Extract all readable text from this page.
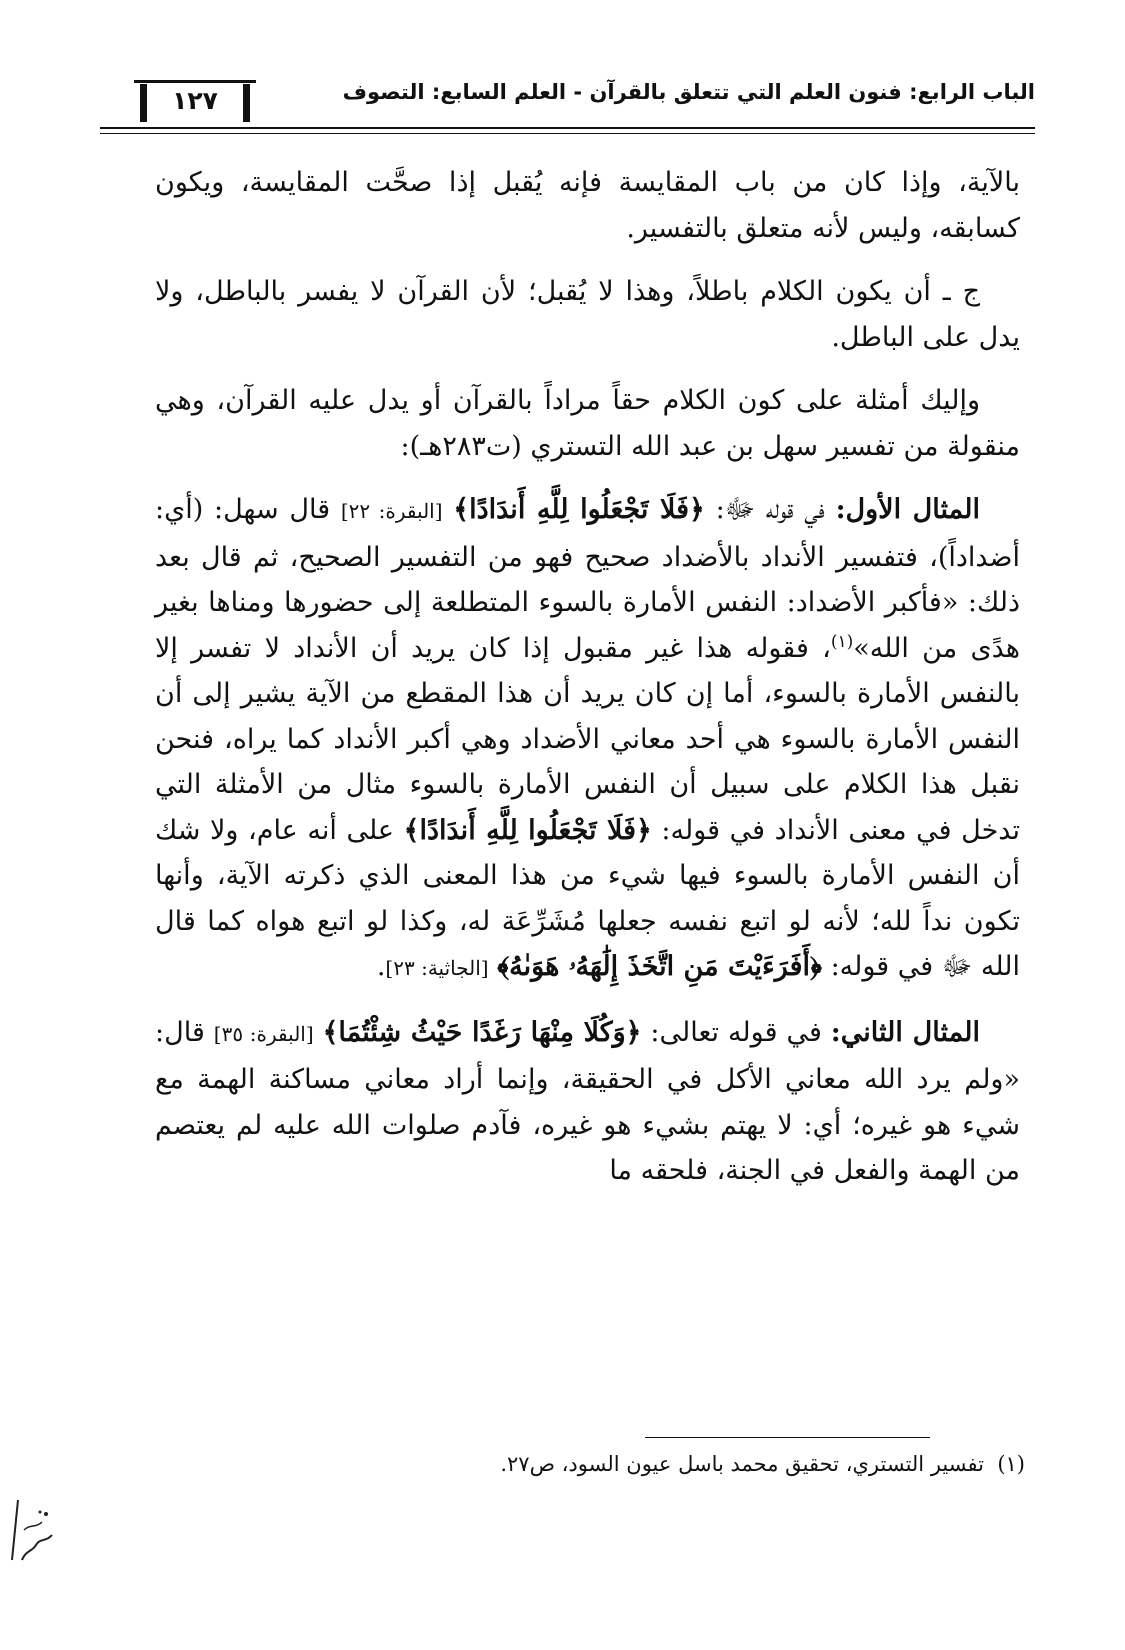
الباب الرابع: فنون العلم التي تتعلق بالقرآن - العلم السابع: التصوف
١٢٧

بالآية، وإذا كان من باب المقايسة فإنه يُقبل إذا صحَّت المقايسة، ويكون كسابقه، وليس لأنه متعلق بالتفسير.

ج ـ أن يكون الكلام باطلاً، وهذا لا يُقبل؛ لأن القرآن لا يفسر بالباطل، ولا يدل على الباطل.

وإليك أمثلة على كون الكلام حقاً مراداً بالقرآن أو يدل عليه القرآن، وهي منقولة من تفسير سهل بن عبد الله التستري (ت٢٨٣هـ):

المثال الأول: في قوله ﷻ: ﴿فَلَا تَجْعَلُوا لِلَّهِ أَندَادًا﴾ [البقرة: ٢٢] قال سهل: (أي: أضداداً)، فتفسير الأنداد بالأضداد صحيح فهو من التفسير الصحيح، ثم قال بعد ذلك: «فأكبر الأضداد: النفس الأمارة بالسوء المتطلعة إلى حضورها ومناها بغير هدًى من الله»$^{(١)}$، فقوله هذا غير مقبول إذا كان يريد أن الأنداد لا تفسر إلا بالنفس الأمارة بالسوء، أما إن كان يريد أن هذا المقطع من الآية يشير إلى أن النفس الأمارة بالسوء هي أحد معاني الأضداد وهي أكبر الأنداد كما يراه، فنحن نقبل هذا الكلام على سبيل أن النفس الأمارة بالسوء مثال من الأمثلة التي تدخل في معنى الأنداد في قوله: ﴿فَلَا تَجْعَلُوا لِلَّهِ أَندَادًا﴾ على أنه عام، ولا شك أن النفس الأمارة بالسوء فيها شيء من هذا المعنى الذي ذكرته الآية، وأنها تكون نداً لله؛ لأنه لو اتبع نفسه جعلها مُشَرِّعَة له، وكذا لو اتبع هواه كما قال الله ﷻ في قوله: ﴿أَفَرَءَيْتَ مَنِ اتَّخَذَ إِلَٰهَهُۥ هَوَىٰهُ﴾ [الجاثية: ٢٣].

المثال الثاني: في قوله تعالى: ﴿وَكُلَا مِنْهَا رَغَدًا حَيْثُ شِئْتُمَا﴾ [البقرة: ٣٥] قال: «ولم يرد الله معاني الأكل في الحقيقة، وإنما أراد معاني مساكنة الهمة مع شيء هو غيره؛ أي: لا يهتم بشيء هو غيره، فآدم صلوات الله عليه لم يعتصم من الهمة والفعل في الجنة، فلحقه ما

(١)  تفسير التستري، تحقيق محمد باسل عيون السود، ص٢٧.
